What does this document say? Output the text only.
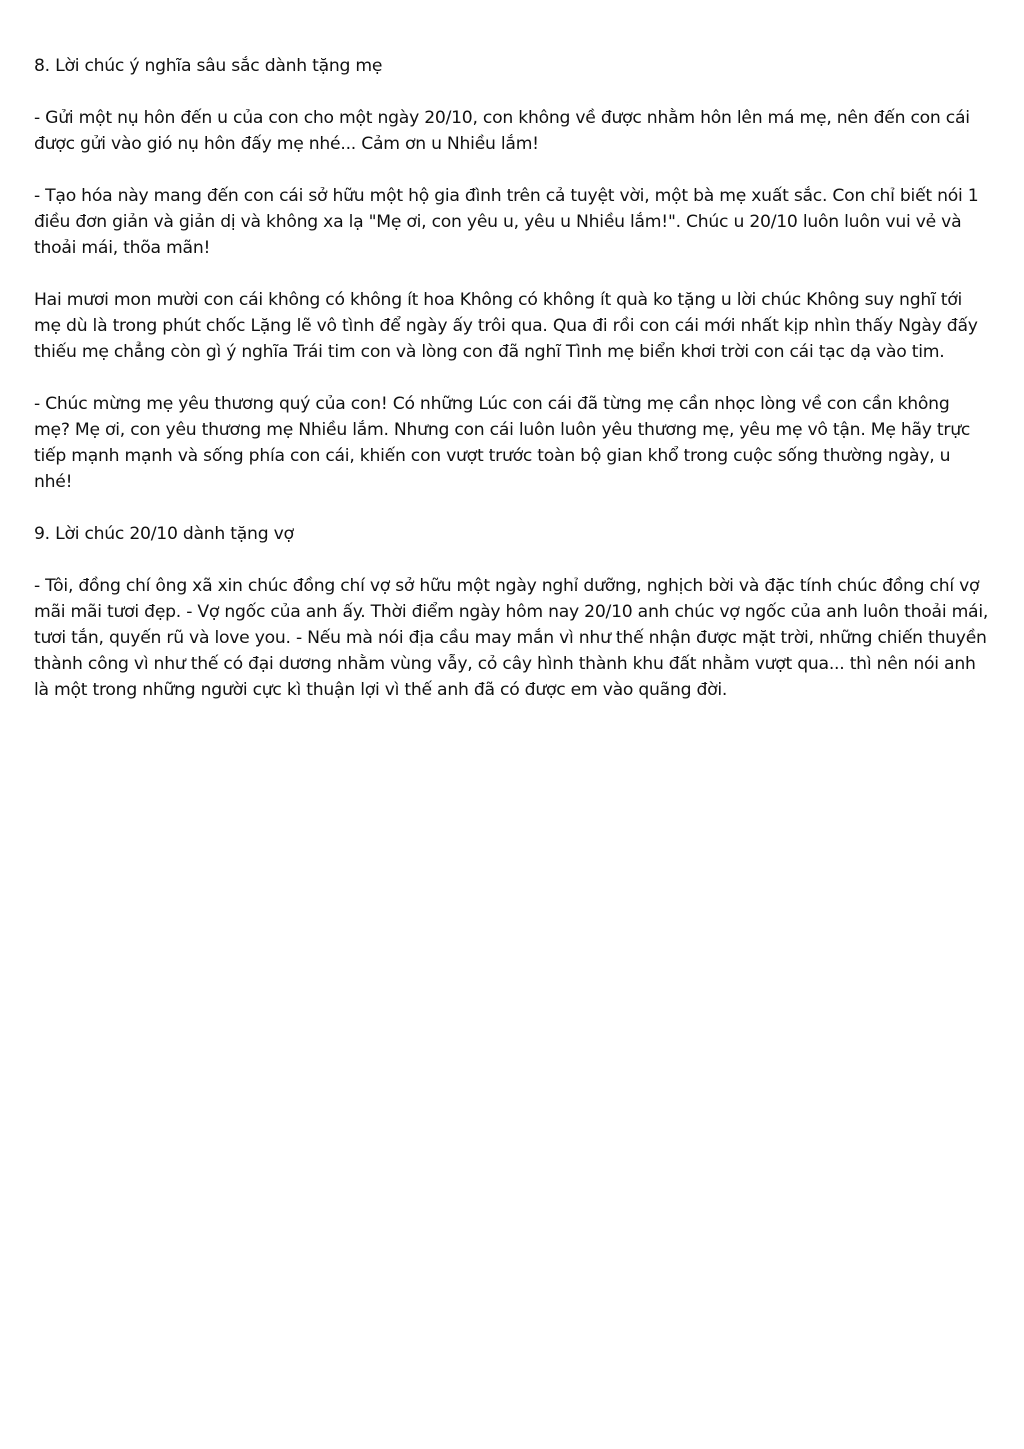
8. Lời chúc ý nghĩa sâu sắc dành tặng mẹ

- Gửi một nụ hôn đến u của con cho một ngày 20/10, con không về được nhằm hôn lên má mẹ, nên đến con cái được gửi vào gió nụ hôn đấy mẹ nhé... Cảm ơn u Nhiều lắm!

- Tạo hóa này mang đến con cái sở hữu một hộ gia đình trên cả tuyệt vời, một bà mẹ xuất sắc. Con chỉ biết nói 1 điều đơn giản và giản dị và không xa lạ "Mẹ ơi, con yêu u, yêu u Nhiều lắm!". Chúc u 20/10 luôn luôn vui vẻ và thoải mái, thõa mãn!

Hai mươi mon mười con cái không có không ít hoa Không có không ít quà ko tặng u lời chúc Không suy nghĩ tới mẹ dù là trong phút chốc Lặng lẽ vô tình để ngày ấy trôi qua. Qua đi rồi con cái mới nhất kịp nhìn thấy Ngày đấy thiếu mẹ chẳng còn gì ý nghĩa Trái tim con và lòng con đã nghĩ Tình mẹ biển khơi trời con cái tạc dạ vào tim.

- Chúc mừng mẹ yêu thương quý của con! Có những Lúc con cái đã từng mẹ cần nhọc lòng về con cần không mẹ? Mẹ ơi, con yêu thương mẹ Nhiều lắm. Nhưng con cái luôn luôn yêu thương mẹ, yêu mẹ vô tận. Mẹ hãy trực tiếp mạnh mạnh và sống phía con cái, khiến con vượt trước toàn bộ gian khổ trong cuộc sống thường ngày, u nhé!

9. Lời chúc 20/10 dành tặng vợ

- Tôi, đồng chí ông xã xin chúc đồng chí vợ sở hữu một ngày nghỉ dưỡng, nghịch bời và đặc tính chúc đồng chí vợ mãi mãi tươi đẹp. - Vợ ngốc của anh ấy. Thời điểm ngày hôm nay 20/10 anh chúc vợ ngốc của anh luôn thoải mái, tươi tắn, quyến rũ và love you. - Nếu mà nói địa cầu may mắn vì như thế nhận được mặt trời, những chiến thuyền thành công vì như thế có đại dương nhằm vùng vẫy, cỏ cây hình thành khu đất nhằm vượt qua... thì nên nói anh là một trong những người cực kì thuận lợi vì thế anh đã có được em vào quãng đời.
